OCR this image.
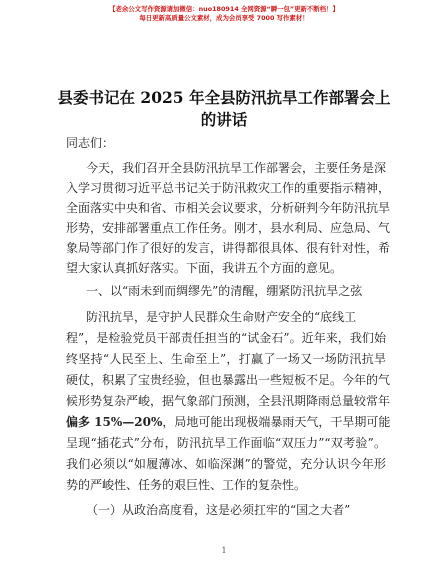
【老余公文写作资源请加微信：nuo180914 全网资源“瞬一包”更新不断档！】
每日更新高质量公文素材，成为会员享受 7000 写作素材！
县委书记在 2025 年全县防汛抗旱工作部署会上
的讲话
同志们：
今天，我们召开全县防汛抗旱工作部署会，主要任务是深
入学习贯彻习近平总书记关于防汛救灾工作的重要指示精神，
全面落实中央和省、市相关会议要求，分析研判今年防汛抗旱
形势，安排部署重点工作任务。刚才，县水利局、应急局、气
象局等部门作了很好的发言，讲得都很具体、很有针对性，希
望大家认真抓好落实。下面，我讲五个方面的意见。
一、以“雨未到而绸缪先”的清醒，绷紧防汛抗旱之弦
防汛抗旱，是守护人民群众生命财产安全的“底线工
程”，是检验党员干部责任担当的“试金石”。近年来，我们始
终坚持“人民至上、生命至上”，打赢了一场又一场防汛抗旱
硬仗，积累了宝贵经验，但也暴露出一些短板不足。今年的气
候形势复杂严峻，据气象部门预测，全县汛期降雨总量较常年
偏多 15%—20%，局地可能出现极端暴雨天气，干旱期可能
呈现“插花式”分布，防汛抗旱工作面临“双压力”“双考验”。
我们必须以“如履薄冰、如临深渊”的警觉，充分认识今年形
势的严峻性、任务的艰巨性、工作的复杂性。
（一）从政治高度看，这是必须扛牢的“国之大者”
1
